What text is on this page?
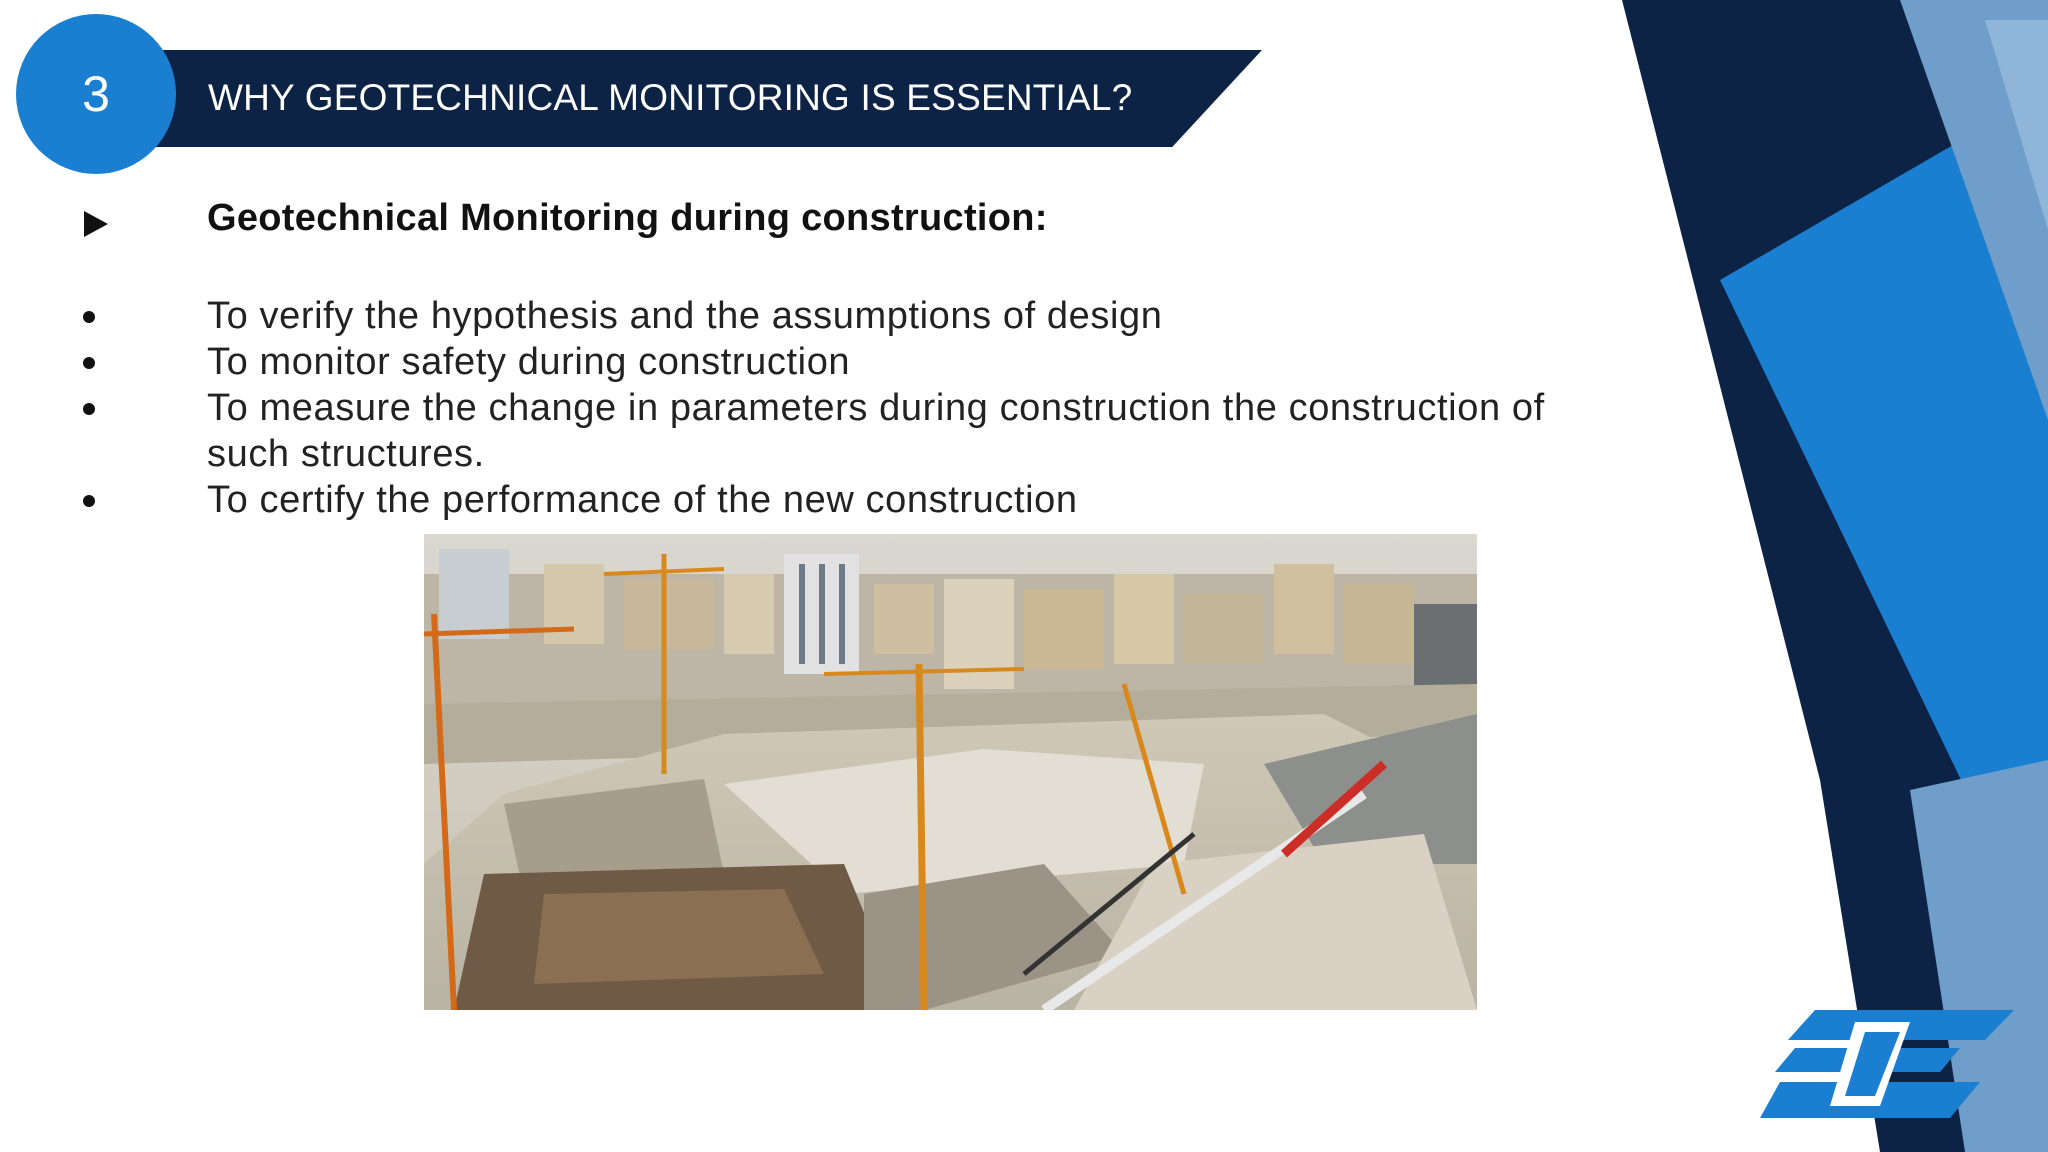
WHY GEOTECHNICAL MONITORING IS ESSENTIAL?
3
Geotechnical Monitoring during construction:
To verify the hypothesis and the assumptions of design
To monitor safety during construction
To measure the change in parameters during construction the construction of
such structures.
To certify the performance of the new construction
